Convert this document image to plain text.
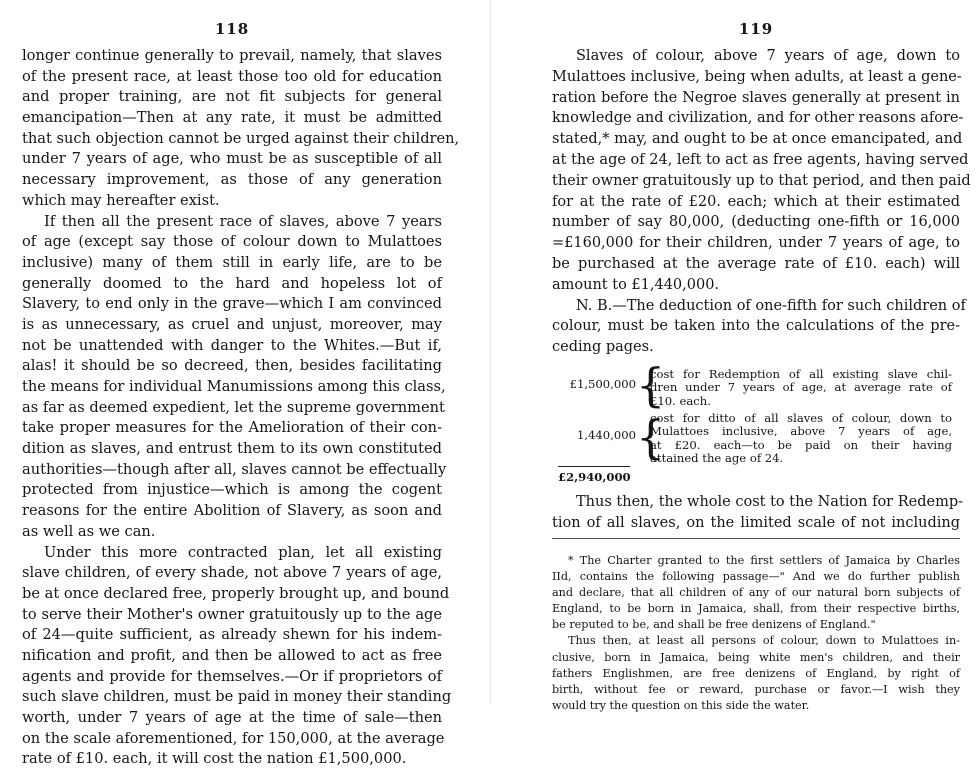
118
longer continue generally to prevail, namely, that slaves
of the present race, at least those too old for education
and proper training, are not fit subjects for general
emancipation—Then at any rate, it must be admitted
that such objection cannot be urged against their children,
under 7 years of age, who must be as susceptible of all
necessary improvement, as those of any generation
which may hereafter exist.
If then all the present race of slaves, above 7 years
of age (except say those of colour down to Mulattoes
inclusive) many of them still in early life, are to be
generally doomed to the hard and hopeless lot of
Slavery, to end only in the grave—which I am convinced
is as unnecessary, as cruel and unjust, moreover, may
not be unattended with danger to the Whites.—But if,
alas! it should be so decreed, then, besides facilitating
the means for individual Manumissions among this class,
as far as deemed expedient, let the supreme government
take proper measures for the Amelioration of their con-
dition as slaves, and entrust them to its own constituted
authorities—though after all, slaves cannot be effectually
protected from injustice—which is among the cogent
reasons for the entire Abolition of Slavery, as soon and
as well as we can.
Under this more contracted plan, let all existing
slave children, of every shade, not above 7 years of age,
be at once declared free, properly brought up, and bound
to serve their Mother's owner gratuitously up to the age
of 24—quite sufficient, as already shewn for his indem-
nification and profit, and then be allowed to act as free
agents and provide for themselves.—Or if proprietors of
such slave children, must be paid in money their standing
worth, under 7 years of age at the time of sale—then
on the scale aforementioned, for 150,000, at the average
rate of £10. each, it will cost the nation £1,500,000.
119
Slaves of colour, above 7 years of age, down to
Mulattoes inclusive, being when adults, at least a gene-
ration before the Negroe slaves generally at present in
knowledge and civilization, and for other reasons afore-
stated,* may, and ought to be at once emancipated, and
at the age of 24, left to act as free agents, having served
their owner gratuitously up to that period, and then paid
for at the rate of £20. each; which at their estimated
number of say 80,000, (deducting one-fifth or 16,000
=£160,000 for their children, under 7 years of age, to
be purchased at the average rate of £10. each) will
amount to £1,440,000.
N. B.—The deduction of one-fifth for such children of
colour, must be taken into the calculations of the pre-
ceding pages.
£1,500,000 {
cost for Redemption of all existing slave chil-
dren under 7 years of age, at average rate of
£10. each.
1,440,000 {
cost for ditto of all slaves of colour, down to
Mulattoes inclusive, above 7 years of age,
at £20. each—to be paid on their having
attained the age of 24.
£2,940,000
Thus then, the whole cost to the Nation for Redemp-
tion of all slaves, on the limited scale of not including
* The Charter granted to the first settlers of Jamaica by Charles
IId, contains the following passage—" And we do further publish
and declare, that all children of any of our natural born subjects of
England, to be born in Jamaica, shall, from their respective births,
be reputed to be, and shall be free denizens of England."
Thus then, at least all persons of colour, down to Mulattoes in-
clusive, born in Jamaica, being white men's children, and their
fathers Englishmen, are free denizens of England, by right of
birth, without fee or reward, purchase or favor.—I wish they
would try the question on this side the water.
